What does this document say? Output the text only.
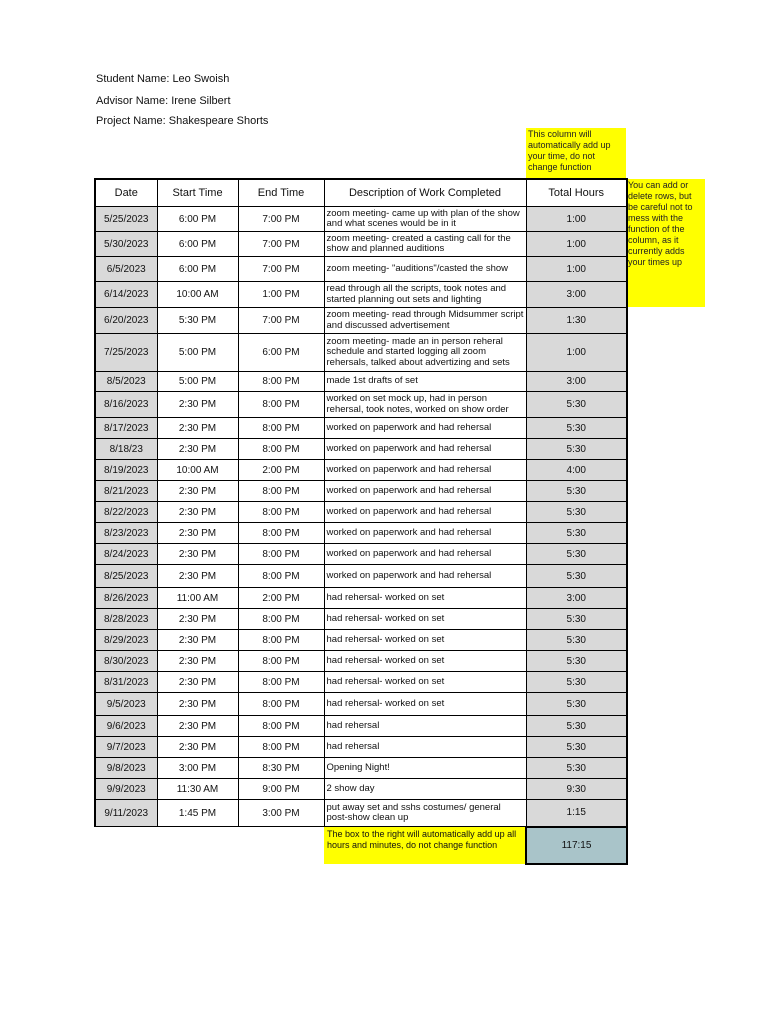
Student Name: Leo Swoish
Advisor Name: Irene Silbert
Project Name: Shakespeare Shorts
This column will automatically add up your time, do not change function
You can add or delete rows, but be careful not to mess with the function of the column, as it currently adds your times up
Date	Start Time	End Time	Description of Work Completed	Total Hours
5/25/2023	6:00 PM	7:00 PM	zoom meeting- came up with plan of the show and what scenes would be in it	1:00
5/30/2023	6:00 PM	7:00 PM	zoom meeting- created a casting call for the show and planned auditions	1:00
6/5/2023	6:00 PM	7:00 PM	zoom meeting- "auditions"/casted the show	1:00
6/14/2023	10:00 AM	1:00 PM	read through all the scripts, took notes and started planning out sets and lighting	3:00
6/20/2023	5:30 PM	7:00 PM	zoom meeting- read through Midsummer script and discussed advertisement	1:30
7/25/2023	5:00 PM	6:00 PM	zoom meeting- made an in person reheral schedule and started logging all zoom rehersals, talked about advertizing and sets	1:00
8/5/2023	5:00 PM	8:00 PM	made 1st drafts of set	3:00
8/16/2023	2:30 PM	8:00 PM	worked on set mock up, had in person rehersal, took notes, worked on show order	5:30
8/17/2023	2:30 PM	8:00 PM	worked on paperwork and had rehersal	5:30
8/18/23	2:30 PM	8:00 PM	worked on paperwork and had rehersal	5:30
8/19/2023	10:00 AM	2:00 PM	worked on paperwork and had rehersal	4:00
8/21/2023	2:30 PM	8:00 PM	worked on paperwork and had rehersal	5:30
8/22/2023	2:30 PM	8:00 PM	worked on paperwork and had rehersal	5:30
8/23/2023	2:30 PM	8:00 PM	worked on paperwork and had rehersal	5:30
8/24/2023	2:30 PM	8:00 PM	worked on paperwork and had rehersal	5:30
8/25/2023	2:30 PM	8:00 PM	worked on paperwork and had rehersal	5:30
8/26/2023	11:00 AM	2:00 PM	had rehersal- worked on set	3:00
8/28/2023	2:30 PM	8:00 PM	had rehersal- worked on set	5:30
8/29/2023	2:30 PM	8:00 PM	had rehersal- worked on set	5:30
8/30/2023	2:30 PM	8:00 PM	had rehersal- worked on set	5:30
8/31/2023	2:30 PM	8:00 PM	had rehersal- worked on set	5:30
9/5/2023	2:30 PM	8:00 PM	had rehersal- worked on set	5:30
9/6/2023	2:30 PM	8:00 PM	had rehersal	5:30
9/7/2023	2:30 PM	8:00 PM	had rehersal	5:30
9/8/2023	3:00 PM	8:30 PM	Opening Night!	5:30
9/9/2023	11:30 AM	9:00 PM	2 show day	9:30
9/11/2023	1:45 PM	3:00 PM	put away set and sshs costumes/ general post-show clean up	1:15
			The box to the right will automatically add up all hours and minutes, do not change function	117:15
